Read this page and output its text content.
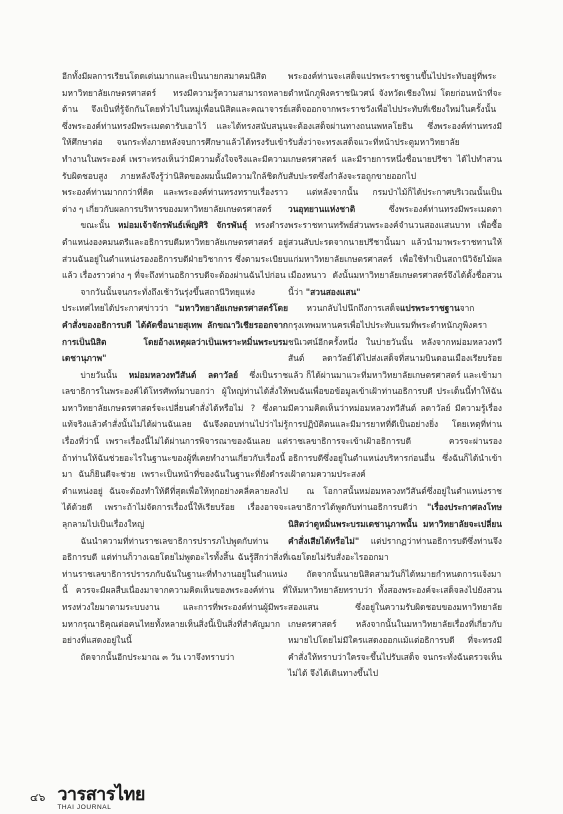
อีกทั้งมีผลการเรียนโดดเด่นมากและเป็นนายกสมาคมนิสิตมหาวิทยาลัยเกษตรศาสตร์ ทรงมีความรู้ความสามารถหลายด้าน จึงเป็นที่รู้จักกันโดยทั่วไปในหมู่เพื่อนนิสิตและคณาจารย์ ซึ่งพระองค์ท่านทรงมีพระเมตตารับเอาไว้ และได้ทรงสนับสนุนให้ศึกษาต่อ จนกระทั่งภายหลังจบการศึกษาแล้วได้ทรงรับเข้าทำงานในพระองค์ เพราะทรงเห็นว่ามีความตั้งใจจริงและมีความรับผิดชอบสูง ภายหลังจึงรู้ว่านิสิตของผมนั้นมีความใกล้ชิดกับพระองค์ท่านมากกว่าที่คิด และพระองค์ท่านทรงทราบเรื่องราวต่าง ๆ เกี่ยวกับผลการบริหารของมหาวิทยาลัยเกษตรศาสตร์

ขณะนั้น หม่อมเจ้าจักรพันธ์เพ็ญศิริ จักรพันธุ์ ทรงดำรงตำแหน่งองคมนตรีและอธิการบดีมหาวิทยาลัยเกษตรศาสตร์ อยู่ ส่วนฉันอยู่ในตำแหน่งรองอธิการบดีฝ่ายวิชาการ ซึ่งตามระเบียบแล้ว เรื่องราวต่าง ๆ ที่จะถึงท่านอธิการบดีจะต้องผ่านฉันไปก่อน

จากวันนั้นจนกระทั่งถึงเช้าวันรุ่งขึ้นสถานีวิทยุแห่งประเทศไทยได้ประกาศข่าวว่า "มหาวิทยาลัยเกษตรศาสตร์โดยคำสั่งของอธิการบดี ได้ตัดชื่อนายสุเทพ ลักขณาวิเชียรออกจากการเป็นนิสิต โดยอ้างเหตุผลว่าเป็นเพราะหมิ่นพระบรมเดชานุภาพ"

บ่ายวันนั้น หม่อมหลวงทวีสันต์ ลดาวัลย์ ซึ่งเป็นราชเลขาธิการในพระองค์ได้โทรศัพท์มาบอกว่า ผู้ใหญ่ท่านได้สั่งให้มหาวิทยาลัยเกษตรศาสตร์จะเปลี่ยนคำสั่งได้หรือไม่ ? ซึ่งตามแท้จริงแล้วคำสั่งนั้นไม่ได้ผ่านฉันเลย ฉันจึงตอบท่านไปว่าไม่รู้เรื่องที่ว่านี้ เพราะเรื่องนี้ไม่ได้ผ่านการพิจารณาของฉันเลย แต่ถ้าท่านให้ฉันช่วยอะไรในฐานะของผู้ที่เคยทำงานเกี่ยวกับเรื่องนี้มา ฉันก็ยินดีจะช่วย เพราะเป็นหน้าที่ของฉันในฐานะที่ยังดำรงตำแหน่งอยู่ ฉันจะต้องทำให้ดีที่สุดเพื่อให้ทุกอย่างคลี่คลายลงไปได้ด้วยดี เพราะถ้าไม่จัดการเรื่องนี้ให้เรียบร้อย เรื่องอาจจะลุกลามไปเป็นเรื่องใหญ่

ฉันนำความที่ท่านราชเลขาธิการปรารภไปพูดกับท่านอธิการบดี แต่ท่านก็วางเฉยโดยไม่พูดอะไรทั้งสิ้น ฉันรู้สึกว่าสิ่งที่ท่านราชเลขาธิการปรารภกับฉันในฐานะที่ทำงานอยู่ในตำแหน่งนี้ ควรจะมีผลสืบเนื่องมาจากความคิดเห็นของพระองค์ท่าน ที่ทรงห่วงใยมาตามระบบงาน และการที่พระองค์ท่านผู้มีพระมหากรุณาธิคุณต่อคนไทยทั้งหลายเห็นสิ่งนี้เป็นสิ่งที่สำคัญมากอย่างที่แสดงอยู่ในนี้

ถัดจากนั้นอีกประมาณ ๓ วัน เวาจึงทราบว่า

พระองค์ท่านจะเสด็จแปรพระราชฐานขึ้นไปประทับอยู่ที่พระตำหนักภูพิงคราชนิเวศน์ จังหวัดเชียงใหม่ โดยก่อนหน้าที่จะเสด็จออกจากพระราชวังเพื่อไปประทับที่เชียงใหม่ในครั้งนั้นจะต้องเสด็จผ่านทางถนนพหลโยธิน ซึ่งพระองค์ท่านทรงมีรับสั่งว่าจะทรงเสด็จแวะที่หน้าประตูมหาวิทยาลัยเกษตรศาสตร์ และมีรายการหนึ่งชื่อนายปรีชา ได้ไปทำสวนสับปะรดซึ่งกำลังจะรอถูกขายออกไป

แต่หลังจากนั้น กรมป่าไม้ก็ได้ประกาศบริเวณนั้นเป็นวนอุทยานแห่งชาติ ซึ่งพระองค์ท่านทรงมีพระเมตตาพระราชทานทรัพย์ส่วนพระองค์จำนวนสองแสนบาท เพื่อซื้อสวนสับปะรดจากนายปรีชานั้นมา แล้วนำมาพระราชทานให้แก่มหาวิทยาลัยเกษตรศาสตร์ เพื่อใช้ทำเป็นสถานีวิจัยไม้ผลเมืองหนาว ดังนั้นมหาวิทยาลัยเกษตรศาสตร์จึงได้ตั้งชื่อสวนนี้ว่า "สวนสองแสน"

หวนกลับไปนึกถึงการเสด็จแปรพระราชฐานจากกรุงเทพมหานครเพื่อไปประทับแรมที่พระตำหนักภูพิงคราชนิเวศน์อีกครั้งหนึ่ง ในบ่ายวันนั้น หลังจากหม่อมหลวงทวีสันต์ ลดาวัลย์ได้ไปส่งเสด็จที่สนามบินดอนเมืองเรียบร้อยแล้ว ก็ได้ผ่านมาแวะที่มหาวิทยาลัยเกษตรศาสตร์ และเข้ามาพบฉันเพื่อขอข้อมูลเข้าเฝ้าท่านอธิการบดี ประเด็นนี้ทำให้ฉันมีความคิดเห็นว่าหม่อมหลวงทวีสันต์ ลดาวัลย์ มีความรู้เรื่องการปฏิบัติตนและมีมารยาทที่ดีเป็นอย่างยิ่ง โดยเหตุที่ท่านราชเลขาธิการจะเข้าเฝ้าอธิการบดี ควรจะผ่านรองอธิการบดีซึ่งอยู่ในตำแหน่งบริหารก่อนอื่น ซึ่งฉันก็ได้นำเข้าเฝ้าตามความประสงค์

ณ โอกาสนั้นหม่อมหลวงทวีสันต์ซึ่งอยู่ในตำแหน่งราชเลขาธิการได้พูดกับท่านอธิการบดีว่า "เรื่องประกาศลงโทษนิสิตว่าดูหมิ่นพระบรมเดชานุภาพนั้น มหาวิทยาลัยจะเปลี่ยนคำสั่งเสียได้หรือไม่" แต่ปรากฏว่าท่านอธิการบดีซึ่งท่านจึงเฉยโดยไม่รับสั่งอะไรออกมา

ถัดจากนั้นนายนิสิตสามวันก็ได้หมายกำหนดการแจ้งมาให้มหาวิทยาลัยทราบว่า ทั้งสองพระองค์จะเสด็จลงไปยังสวนสองแสน ซึ่งอยู่ในความรับผิดชอบของมหาวิทยาลัยเกษตรศาสตร์ หลังจากนั้นในมหาวิทยาลัยเรื่องที่เกี่ยวกับหมายไปโดยไม่มีใครแสดงออกแม้แต่อธิการบดี ที่จะทรงมีคำสั่งให้ทราบว่าใครจะขึ้นไปรับเสด็จ จนกระทั่งฉันตรวจเห็นไม่ได้ จึงได้เดินทางขึ้นไป

๔๖ วารสารไทย
THAI JOURNAL
